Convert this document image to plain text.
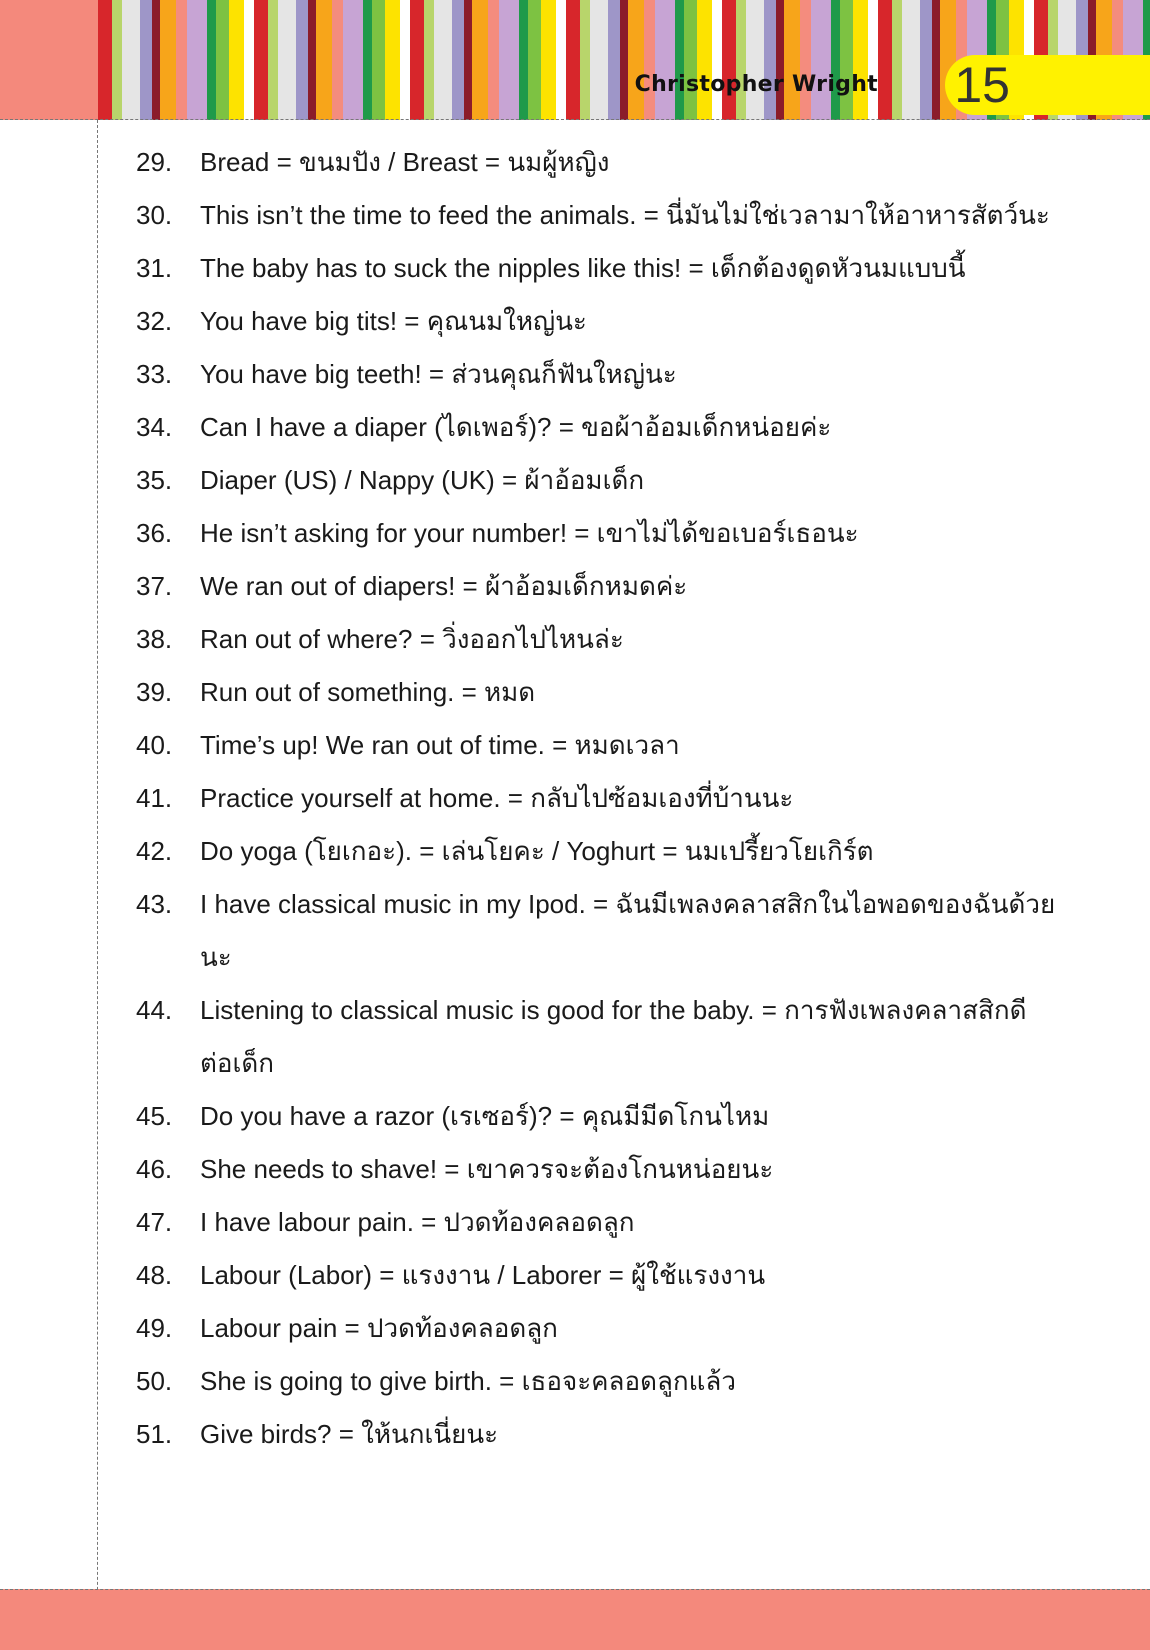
Christopher Wright 15
29.	Bread = ขนมปัง / Breast = นมผู้หญิง
30.	This isn’t the time to feed the animals. = นี่มันไม่ใช่เวลามาให้อาหารสัตว์นะ
31.	The baby has to suck the nipples like this! = เด็กต้องดูดหัวนมแบบนี้
32.	You have big tits! = คุณนมใหญ่นะ
33.	You have big teeth! = ส่วนคุณก็ฟันใหญ่นะ
34.	Can I have a diaper (ไดเพอร์)? = ขอผ้าอ้อมเด็กหน่อยค่ะ
35.	Diaper (US) / Nappy (UK) = ผ้าอ้อมเด็ก
36.	He isn’t asking for your number! = เขาไม่ได้ขอเบอร์เธอนะ
37.	We ran out of diapers! = ผ้าอ้อมเด็กหมดค่ะ
38.	Ran out of where? = วิ่งออกไปไหนล่ะ
39.	Run out of something. = หมด
40.	Time’s up! We ran out of time. = หมดเวลา
41.	Practice yourself at home. = กลับไปซ้อมเองที่บ้านนะ
42.	Do yoga (โยเกอะ). = เล่นโยคะ / Yoghurt = นมเปรี้ยวโยเกิร์ต
43.	I have classical music in my Ipod. = ฉันมีเพลงคลาสสิกในไอพอดของฉันด้วยนะ
44.	Listening to classical music is good for the baby. = การฟังเพลงคลาสสิกดีต่อเด็ก
45.	Do you have a razor (เรเซอร์)? = คุณมีมีดโกนไหม
46.	She needs to shave! = เขาควรจะต้องโกนหน่อยนะ
47.	I have labour pain. = ปวดท้องคลอดลูก
48.	Labour (Labor) = แรงงาน / Laborer = ผู้ใช้แรงงาน
49.	Labour pain = ปวดท้องคลอดลูก
50.	She is going to give birth. = เธอจะคลอดลูกแล้ว
51.	Give birds? = ให้นกเนี่ยนะ
